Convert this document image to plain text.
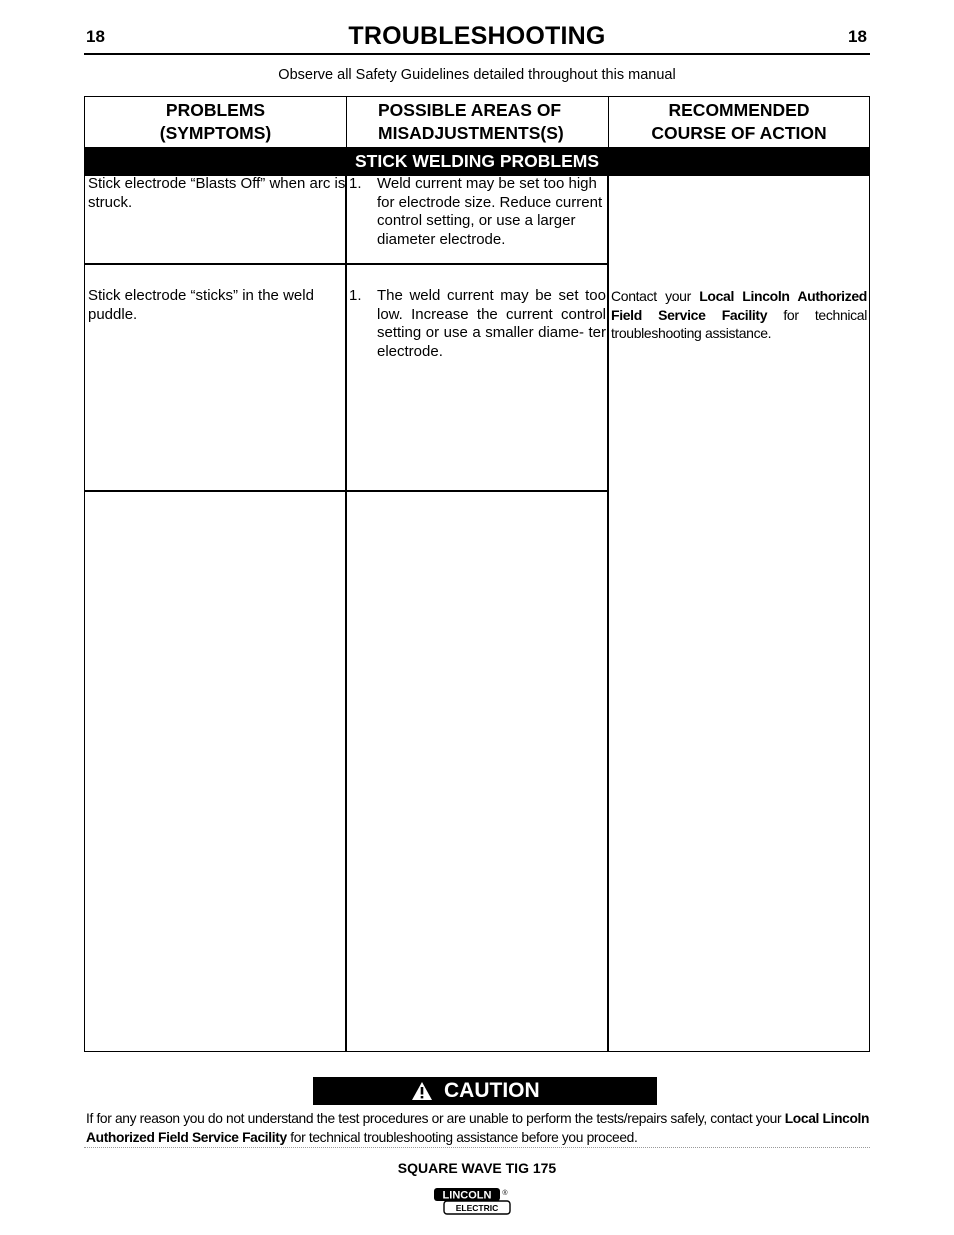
18	TROUBLESHOOTING	18
Observe all Safety Guidelines detailed throughout this manual
PROBLEMS
(SYMPTOMS)
POSSIBLE AREAS OF
MISADJUSTMENTS(S)
RECOMMENDED
COURSE OF ACTION
STICK WELDING PROBLEMS
Stick electrode “Blasts Off” when arc is struck.
1. Weld current may be set too high for electrode size. Reduce current control setting, or use a larger diameter electrode.
Stick electrode “sticks” in the weld puddle.
1. The weld current may be set too low. Increase the current control setting or use a smaller diame- ter electrode.
Contact your Local Lincoln Authorized Field Service Facility for technical troubleshooting assistance.
CAUTION
If for any reason you do not understand the test procedures or are unable to perform the tests/repairs safely, contact your Local Lincoln Authorized Field Service Facility for technical troubleshooting assistance before you proceed.
SQUARE WAVE TIG 175
LINCOLN ®
ELECTRIC
